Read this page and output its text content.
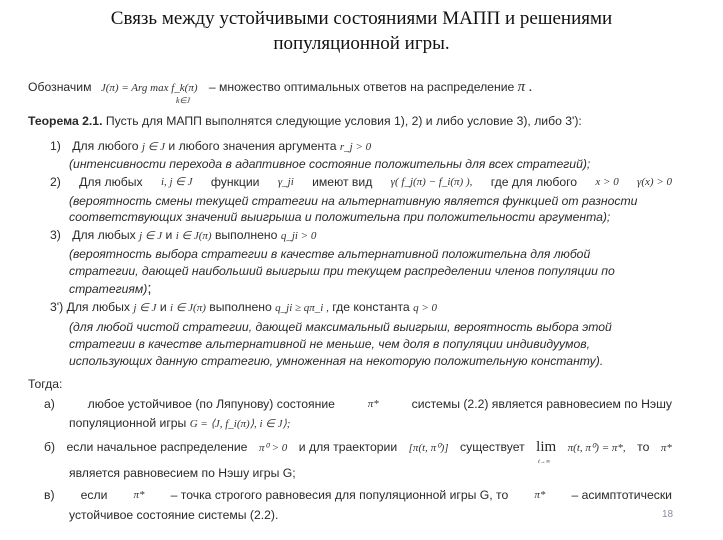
Связь между устойчивыми состояниями МАПП и решениями
популяционной игры.
Обозначим J(π) = Arg max f_k(π) – множество оптимальных ответов на распределение π .
k∈J
Теорема 2.1. Пусть для МАПП выполнятся следующие условия 1), 2) и либо условие 3), либо 3'):
1) Для любого j ∈ J и любого значения аргумента r_j > 0
(интенсивности перехода в адаптивное состояние положительны для всех стратегий);
2) Для любых i, j ∈ J функции γ_ji имеют вид γ( f_j(π) − f_i(π) ), где для любого x > 0 γ(x) > 0
(вероятность смены текущей стратегии на альтернативную является функцией от разности
соответствующих значений выигрыша и положительна при положительности аргумента);
3) Для любых j ∈ J и i ∈ J(π) выполнено q_ji > 0
(вероятность выбора стратегии в качестве альтернативной положительна для любой
стратегии, дающей наибольший выигрыш при текущем распределении членов популяции по
стратегиям);
3') Для любых j ∈ J и i ∈ J(π) выполнено q_ji ≥ qπ_i , где константа q > 0
(для любой чистой стратегии, дающей максимальный выигрыш, вероятность выбора этой
стратегии в качестве альтернативной не меньше, чем доля в популяции индивидуумов,
использующих данную стратегию, умноженная на некоторую положительную константу).
Тогда:
а)	любое устойчивое (по Ляпунову) состояние	π*	системы (2.2) является равновесием по Нэшу
популяционной игры G = ⟨J, f_i(π)⟩, i ∈ J⟩;
б) если начальное распределение π⁰ > 0 и для траектории [π(t, π⁰)] существует lim
t→∞
π(t, π⁰) = π*, то π*
является равновесием по Нэшу игры G;
в) если π* – точка строгого равновесия для популяционной игры G, то π* – асимптотически
устойчивое состояние системы (2.2).	18
